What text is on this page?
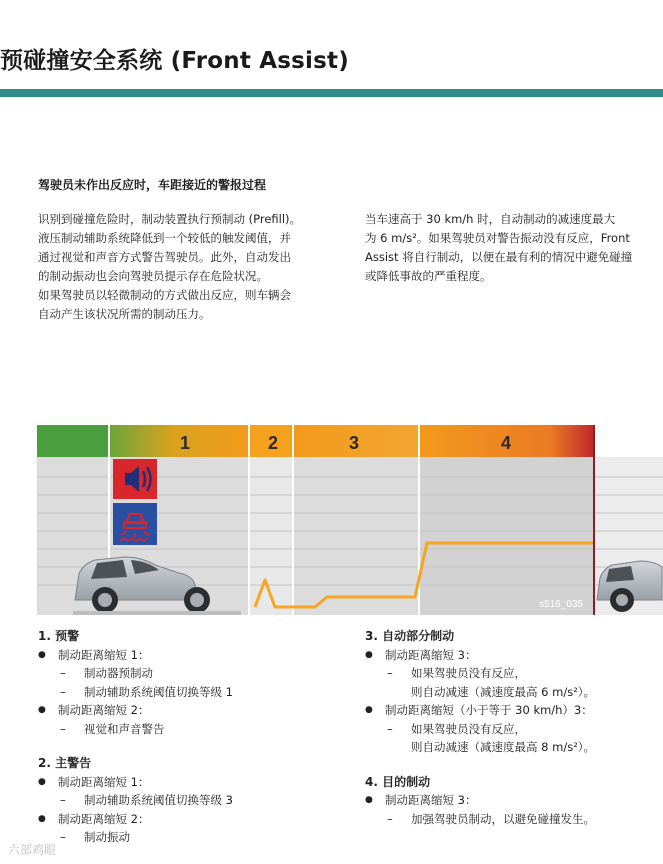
预碰撞安全系统 (Front Assist)
驾驶员未作出反应时，车距接近的警报过程

识别到碰撞危险时，制动装置执行预制动 (Prefill)。

液压制动辅助系统降低到一个较低的触发阈值，并

通过视觉和声音方式警告驾驶员。此外，自动发出

的制动振动也会向驾驶员提示存在危险状况。

如果驾驶员以轻微制动的方式做出反应，则车辆会

自动产生该状况所需的制动压力。

当车速高于 30 km/h 时，自动制动的减速度最大

为 6 m/s²。如果驾驶员对警告振动没有反应，Front

Assist 将自行制动，以便在最有利的情况中避免碰撞

或降低事故的严重程度。

1	2	3	4
s516_035
1. 预警
● 制动距离缩短 1：
– 制动器预制动
– 制动辅助系统阈值切换等级 1
● 制动距离缩短 2：
– 视觉和声音警告
2. 主警告
● 制动距离缩短 1：
– 制动辅助系统阈值切换等级 3
● 制动距离缩短 2：
– 制动振动
3. 自动部分制动
● 制动距离缩短 3：
– 如果驾驶员没有反应，
则自动减速（减速度最高 6 m/s²）。
● 制动距离缩短（小于等于 30 km/h）3：
– 如果驾驶员没有反应，
则自动减速（减速度最高 8 m/s²）。
4. 目的制动
● 制动距离缩短 3：
– 加强驾驶员制动，以避免碰撞发生。
六部鸡眼
